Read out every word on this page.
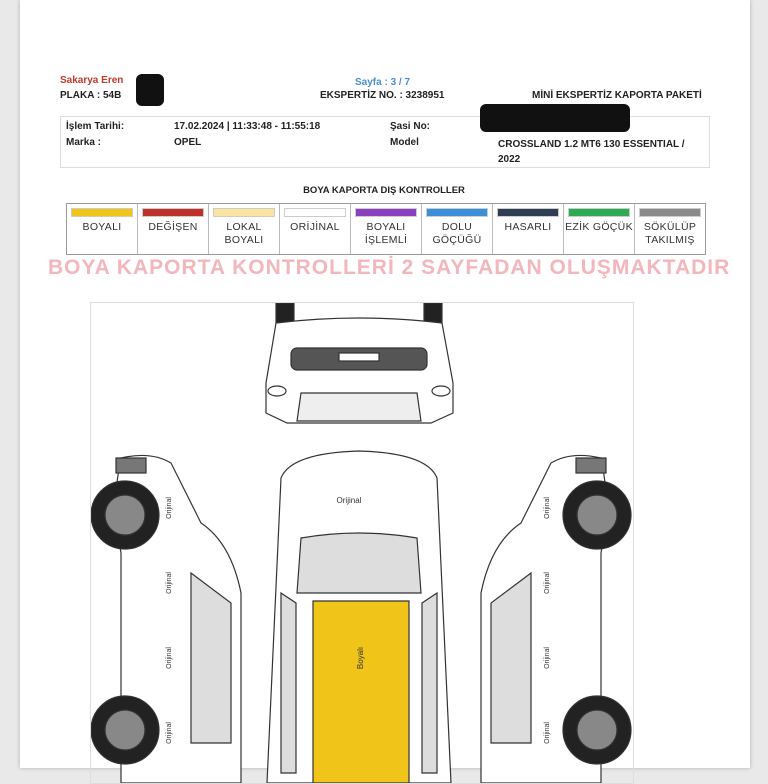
Sakarya Eren
PLAKA : 54B
Sayfa : 3 / 7
EKSPERTİZ NO. : 3238951	MİNİ EKSPERTİZ KAPORTA PAKETİ
İşlem Tarihi:	17.02.2024 | 11:33:48 - 11:55:18	Şasi No:
Marka :	OPEL	Model	CROSSLAND 1.2 MT6 130 ESSENTIAL / 2022
BOYA KAPORTA DIŞ KONTROLLER
BOYALI	DEĞİŞEN	LOKAL BOYALI
ORİJİNAL	BOYALI İŞLEMLİ
DOLU GÖÇÜĞÜ
HASARLI EZİK GÖÇÜK	SÖKÜLÜP TAKILMIŞ
BOYA KAPORTA KONTROLLERİ 2 SAYFADAN OLUŞMAKTADIR
Orijinal
Boyalı
Orijinal
Orijinal
Orijinal
Orijinal
Orijinal
Orijinal
Orijinal
Orijinal
